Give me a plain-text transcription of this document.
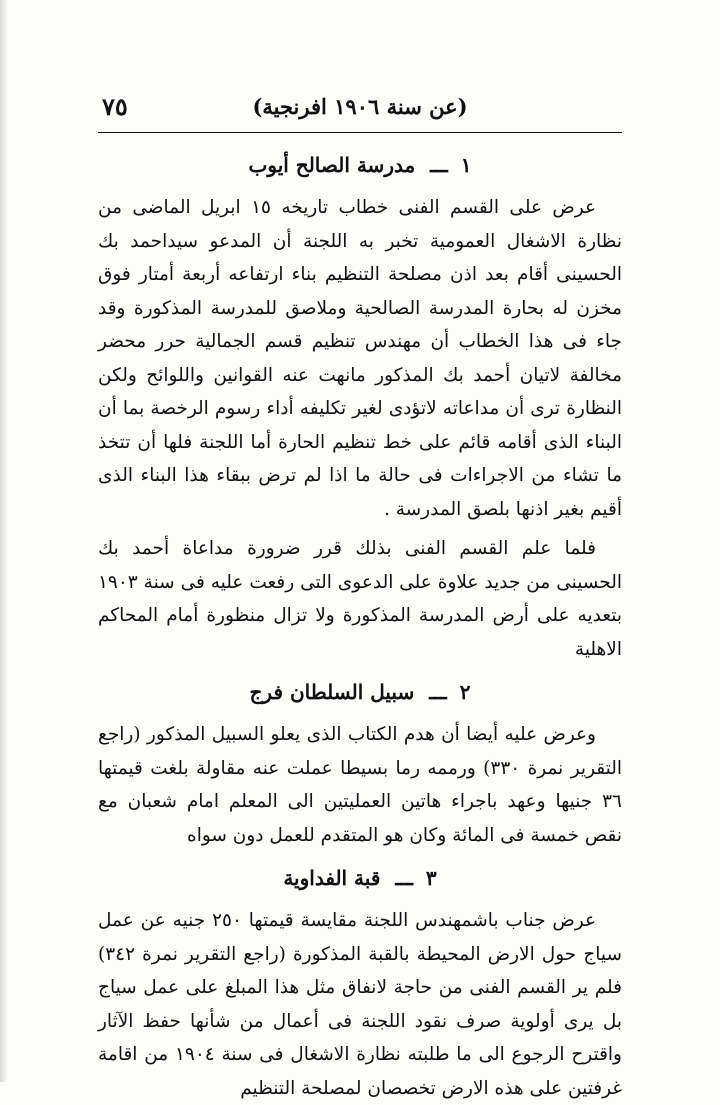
(عن سنة ١٩٠٦ افرنجية)
٧٥
١ ـــ مدرسة الصالح أيوب

عرض على القسم الفنى خطاب تاريخه ١٥ ابريل الماضى من نظارة الاشغال العمومية تخبر به اللجنة أن المدعو سيداحمد بك الحسينى أقام بعد اذن مصلحة التنظيم بناء ارتفاعه أربعة أمتار فوق مخزن له بحارة المدرسة الصالحية وملاصق للمدرسة المذكورة وقد جاء فى هذا الخطاب أن مهندس تنظيم قسم الجمالية حرر محضر مخالفة لاتيان أحمد بك المذكور مانهت عنه القوانين واللوائح ولكن النظارة ترى أن مداعاته لاتؤدى لغير تكليفه أداء رسوم الرخصة بما أن البناء الذى أقامه قائم على خط تنظيم الحارة أما اللجنة فلها أن تتخذ ما تشاء من الاجراءات فى حالة ما اذا لم ترض ببقاء هذا البناء الذى أقيم بغير اذنها بلصق المدرسة .

فلما علم القسم الفنى بذلك قرر ضرورة مداعاة أحمد بك الحسينى من جديد علاوة على الدعوى التى رفعت عليه فى سنة ١٩٠٣ بتعديه على أرض المدرسة المذكورة ولا تزال منظورة أمام المحاكم الاهلية

٢ ـــ سبيل السلطان فرج

وعرض عليه أيضا أن هدم الكتاب الذى يعلو السبيل المذكور (راجع التقرير نمرة ٣٣٠) ورممه رما بسيطا عملت عنه مقاولة بلغت قيمتها ٣٦ جنيها وعهد باجراء هاتين العمليتين الى المعلم امام شعبان مع نقص خمسة فى المائة وكان هو المتقدم للعمل دون سواه

٣ ـــ قبة الفداوية

عرض جناب باشمهندس اللجنة مقايسة قيمتها ٢٥٠ جنيه عن عمل سياج حول الارض المحيطة بالقبة المذكورة (راجع التقرير نمرة ٣٤٢) فلم ير القسم الفنى من حاجة لانفاق مثل هذا المبلغ على عمل سياج بل يرى أولوية صرف نقود اللجنة فى أعمال من شأنها حفظ الآثار واقترح الرجوع الى ما طلبته نظارة الاشغال فى سنة ١٩٠٤ من اقامة غرفتين على هذه الارض تخصصان لمصلحة التنظيم
